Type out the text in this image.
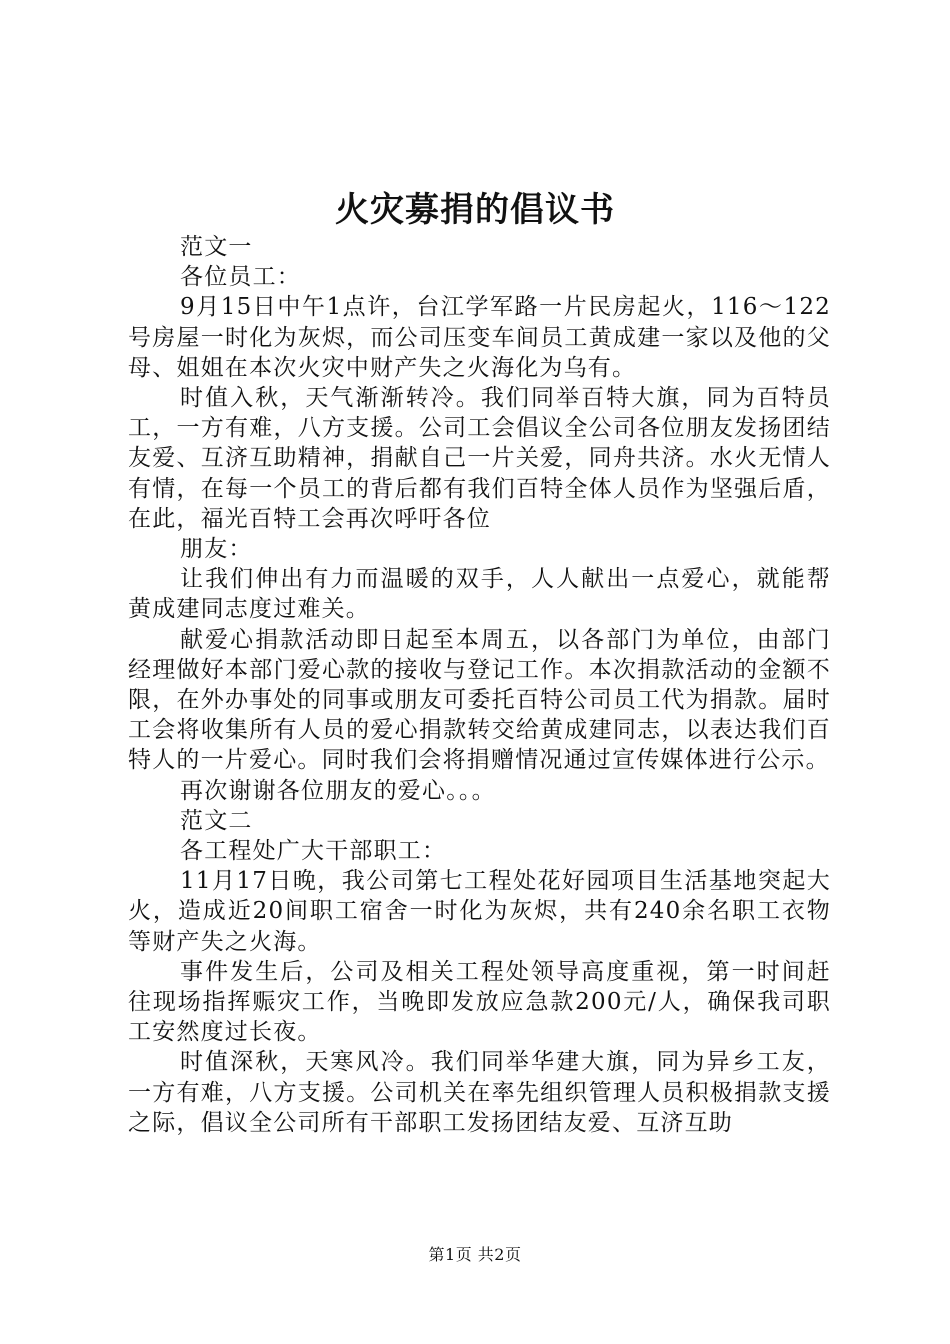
火灾募捐的倡议书

范文一

各位员工：

9月15日中午1点许，台江学军路一片民房起火，116～122号房屋一时化为灰烬，而公司压变车间员工黄成建一家以及他的父母、姐姐在本次火灾中财产失之火海化为乌有。

时值入秋，天气渐渐转冷。我们同举百特大旗，同为百特员工，一方有难，八方支援。公司工会倡议全公司各位朋友发扬团结友爱、互济互助精神，捐献自己一片关爱，同舟共济。水火无情人有情，在每一个员工的背后都有我们百特全体人员作为坚强后盾，在此，福光百特工会再次呼吁各位

朋友：

让我们伸出有力而温暖的双手，人人献出一点爱心，就能帮黄成建同志度过难关。

献爱心捐款活动即日起至本周五，以各部门为单位，由部门经理做好本部门爱心款的接收与登记工作。本次捐款活动的金额不限，在外办事处的同事或朋友可委托百特公司员工代为捐款。届时工会将收集所有人员的爱心捐款转交给黄成建同志，以表达我们百特人的一片爱心。同时我们会将捐赠情况通过宣传媒体进行公示。

再次谢谢各位朋友的爱心。。。

范文二

各工程处广大干部职工：

11月17日晚，我公司第七工程处花好园项目生活基地突起大火，造成近20间职工宿舍一时化为灰烬，共有240余名职工衣物等财产失之火海。

事件发生后，公司及相关工程处领导高度重视，第一时间赶往现场指挥赈灾工作，当晚即发放应急款200元/人，确保我司职工安然度过长夜。

时值深秋，天寒风冷。我们同举华建大旗，同为异乡工友，一方有难，八方支援。公司机关在率先组织管理人员积极捐款支援之际，倡议全公司所有干部职工发扬团结友爱、互济互助

第1页 共2页
